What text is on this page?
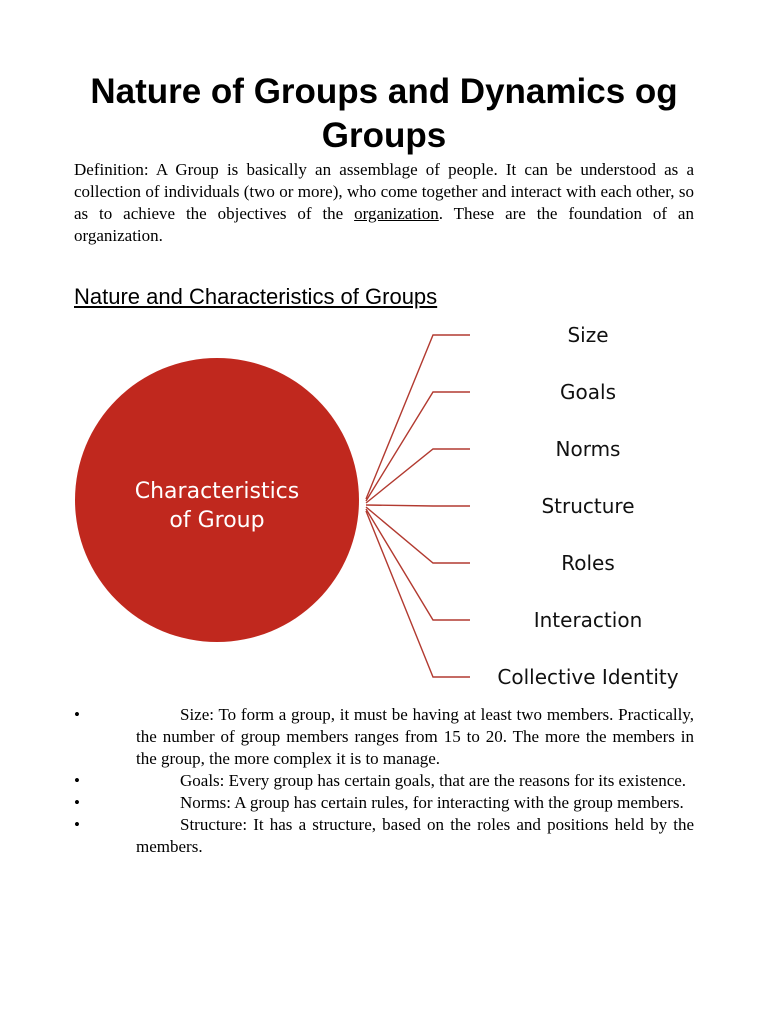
Nature of Groups and Dynamics og Groups

Definition: A Group is basically an assemblage of people. It can be understood as a collection of individuals (two or more), who come together and interact with each other, so as to achieve the objectives of the organization. These are the foundation of an organization.

Nature and Characteristics of Groups
Characteristics
of Group
Size
Goals
Norms
Structure
Roles
Interaction
Collective Identity
•	Size: To form a group, it must be having at least two members. Practically, the number of group members ranges from 15 to 20. The more the members in the group, the more complex it is to manage.
•	Goals: Every group has certain goals, that are the reasons for its existence.
•	Norms: A group has certain rules, for interacting with the group members.
•	Structure: It has a structure, based on the roles and positions held by the members.
